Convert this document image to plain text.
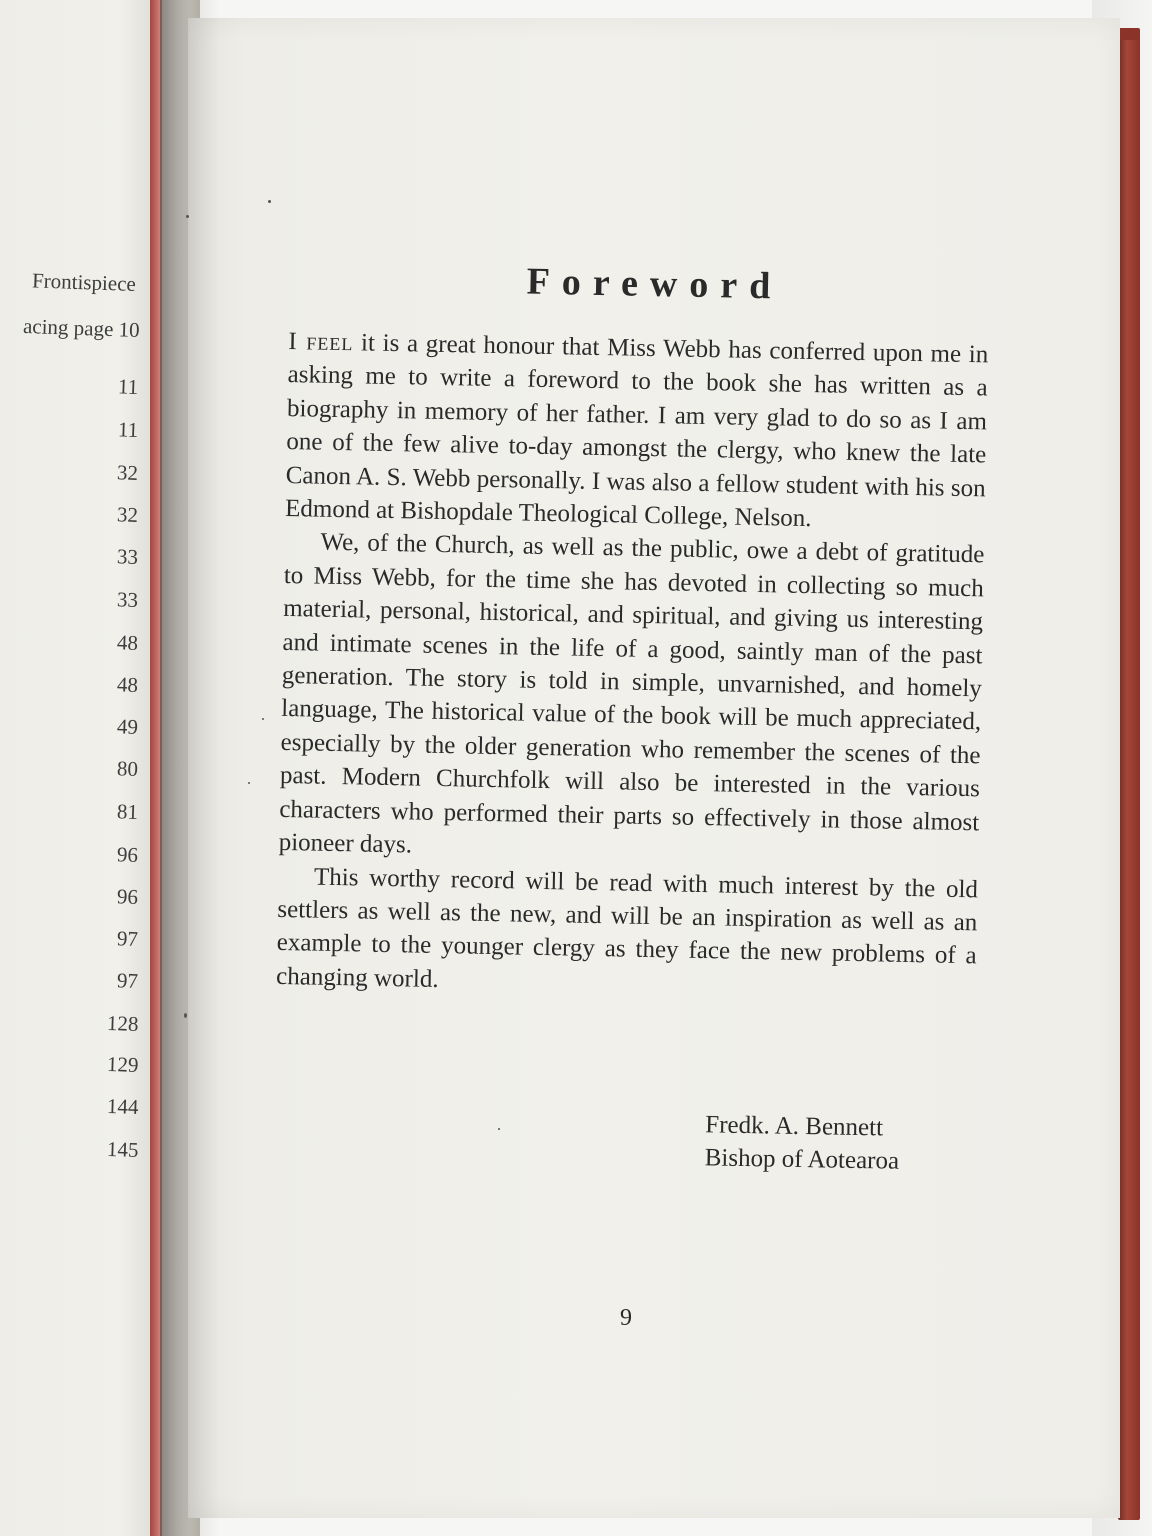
Frontispiece
acing page 10
11
11
32
32
33
33
48
48
49
80
81
96
96
97
97
128
129
144
145
Foreword

I feel it is a great honour that Miss Webb has conferred upon me in asking me to write a foreword to the book she has written as a biography in memory of her father. I am very glad to do so as I am one of the few alive to-day amongst the clergy, who knew the late Canon A. S. Webb personally. I was also a fellow student with his son Edmond at Bishopdale Theological College, Nelson.

We, of the Church, as well as the public, owe a debt of gratitude to Miss Webb, for the time she has devoted in collecting so much material, personal, historical, and spiritual, and giving us interesting and intimate scenes in the life of a good, saintly man of the past generation. The story is told in simple, unvarnished, and homely language, The historical value of the book will be much appreciated, especially by the older generation who remember the scenes of the past. Modern Churchfolk will also be interested in the various characters who performed their parts so effectively in those almost pioneer days.

This worthy record will be read with much interest by the old settlers as well as the new, and will be an inspiration as well as an example to the younger clergy as they face the new problems of a changing world.

Fredk. A. Bennett
Bishop of Aotearoa
9
